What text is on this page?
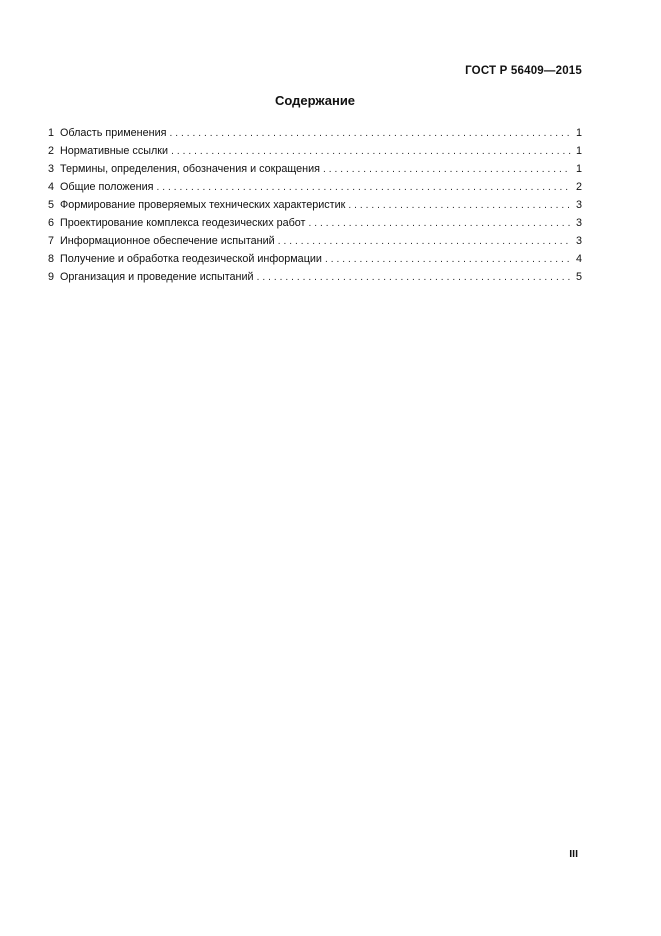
ГОСТ Р 56409—2015
Содержание
1 Область применения . . .	1
2 Нормативные ссылки . . .	1
3 Термины, определения, обозначения и сокращения . . .	1
4 Общие положения . . .	2
5 Формирование проверяемых технических характеристик . . .	3
6 Проектирование комплекса геодезических работ . . .	3
7 Информационное обеспечение испытаний . . .	3
8 Получение и обработка геодезической информации . . .	4
9 Организация и проведение испытаний . . .	5
III
